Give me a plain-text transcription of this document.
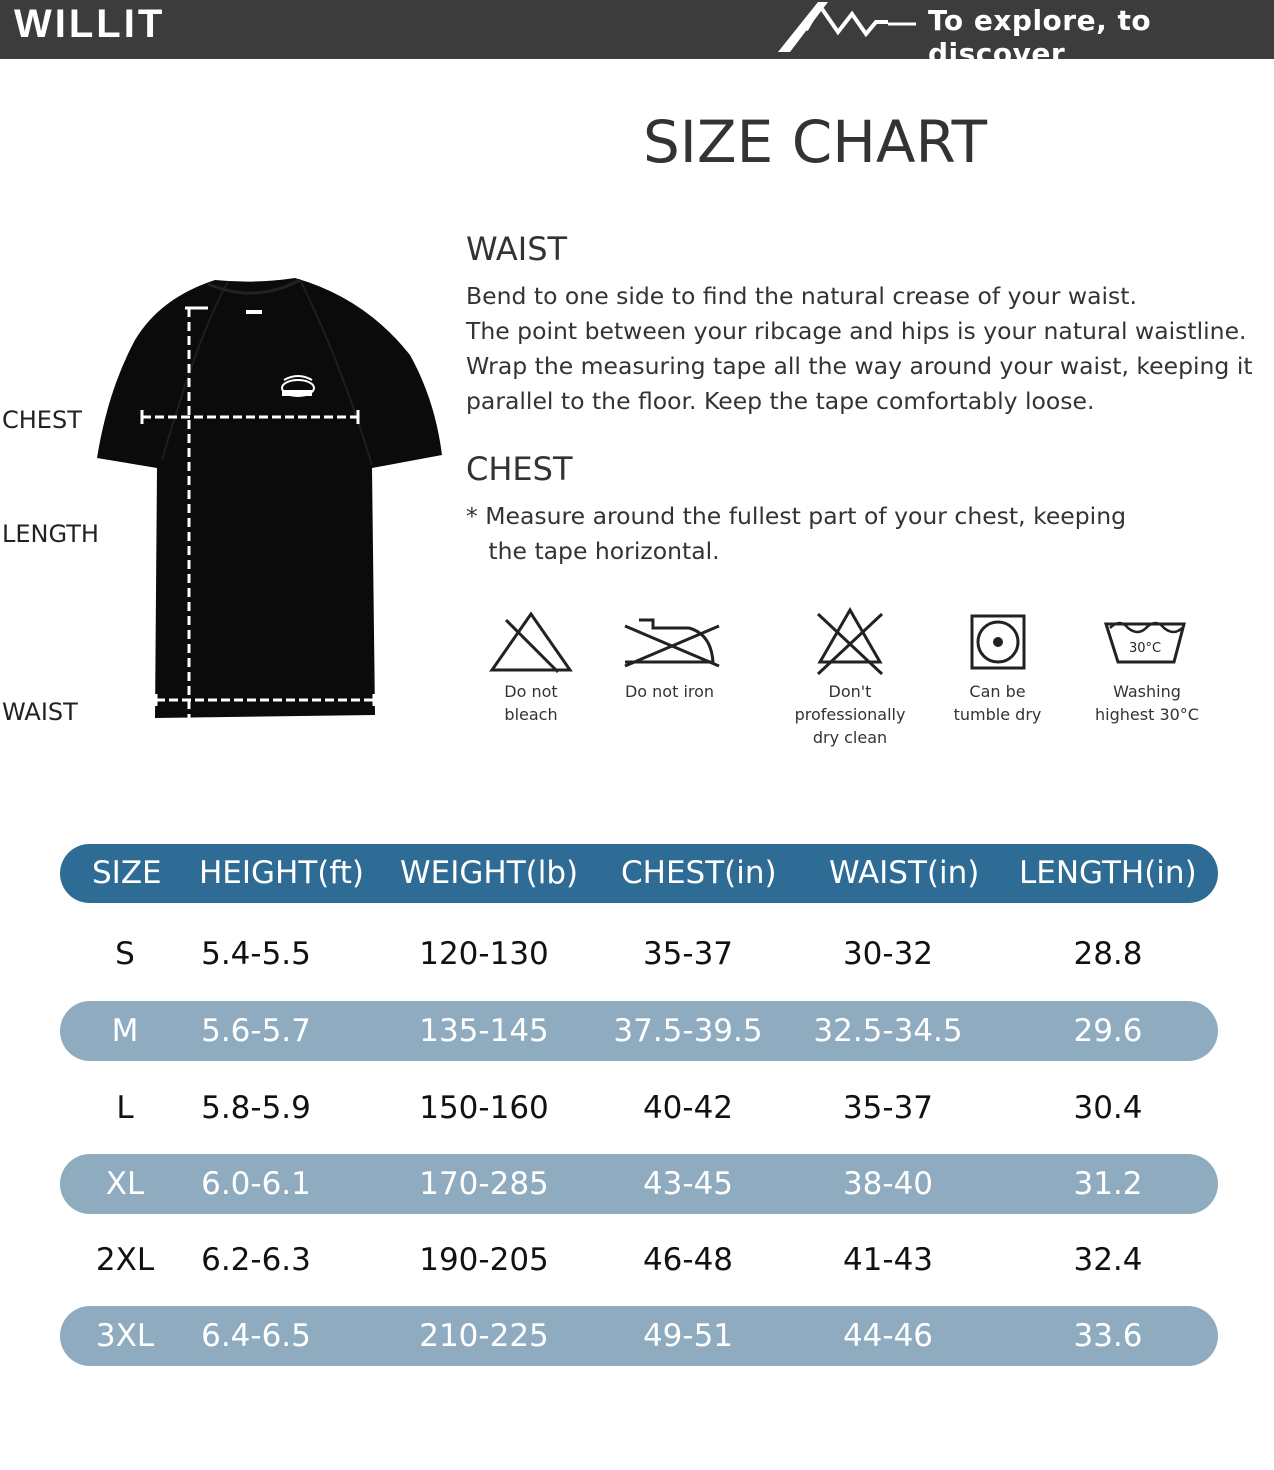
WILLIT	To explore, to discover
SIZE CHART
CHEST
LENGTH
WAIST
WAIST
Bend to one side to find the natural crease of your waist.
The point between your ribcage and hips is your natural waistline.
Wrap the measuring tape all the way around your waist, keeping it
parallel to the floor. Keep the tape comfortably loose.
CHEST
* Measure around the fullest part of your chest, keeping
the tape horizontal.
Do not bleach
Do not iron	Don't professionally
dry clean
Can be
tumble dry
30°C
Washing
highest 30°C
SIZE HEIGHT(ft) WEIGHT(lb) CHEST(in) WAIST(in) LENGTH(in)
S	5.4-5.5	120-130	35-37	30-32	28.8
M	5.6-5.7	135-145	37.5-39.5	32.5-34.5	29.6
L	5.8-5.9	150-160	40-42	35-37	30.4
XL	6.0-6.1	170-285	43-45	38-40	31.2
2XL	6.2-6.3	190-205	46-48	41-43	32.4
3XL	6.4-6.5	210-225	49-51	44-46	33.6
